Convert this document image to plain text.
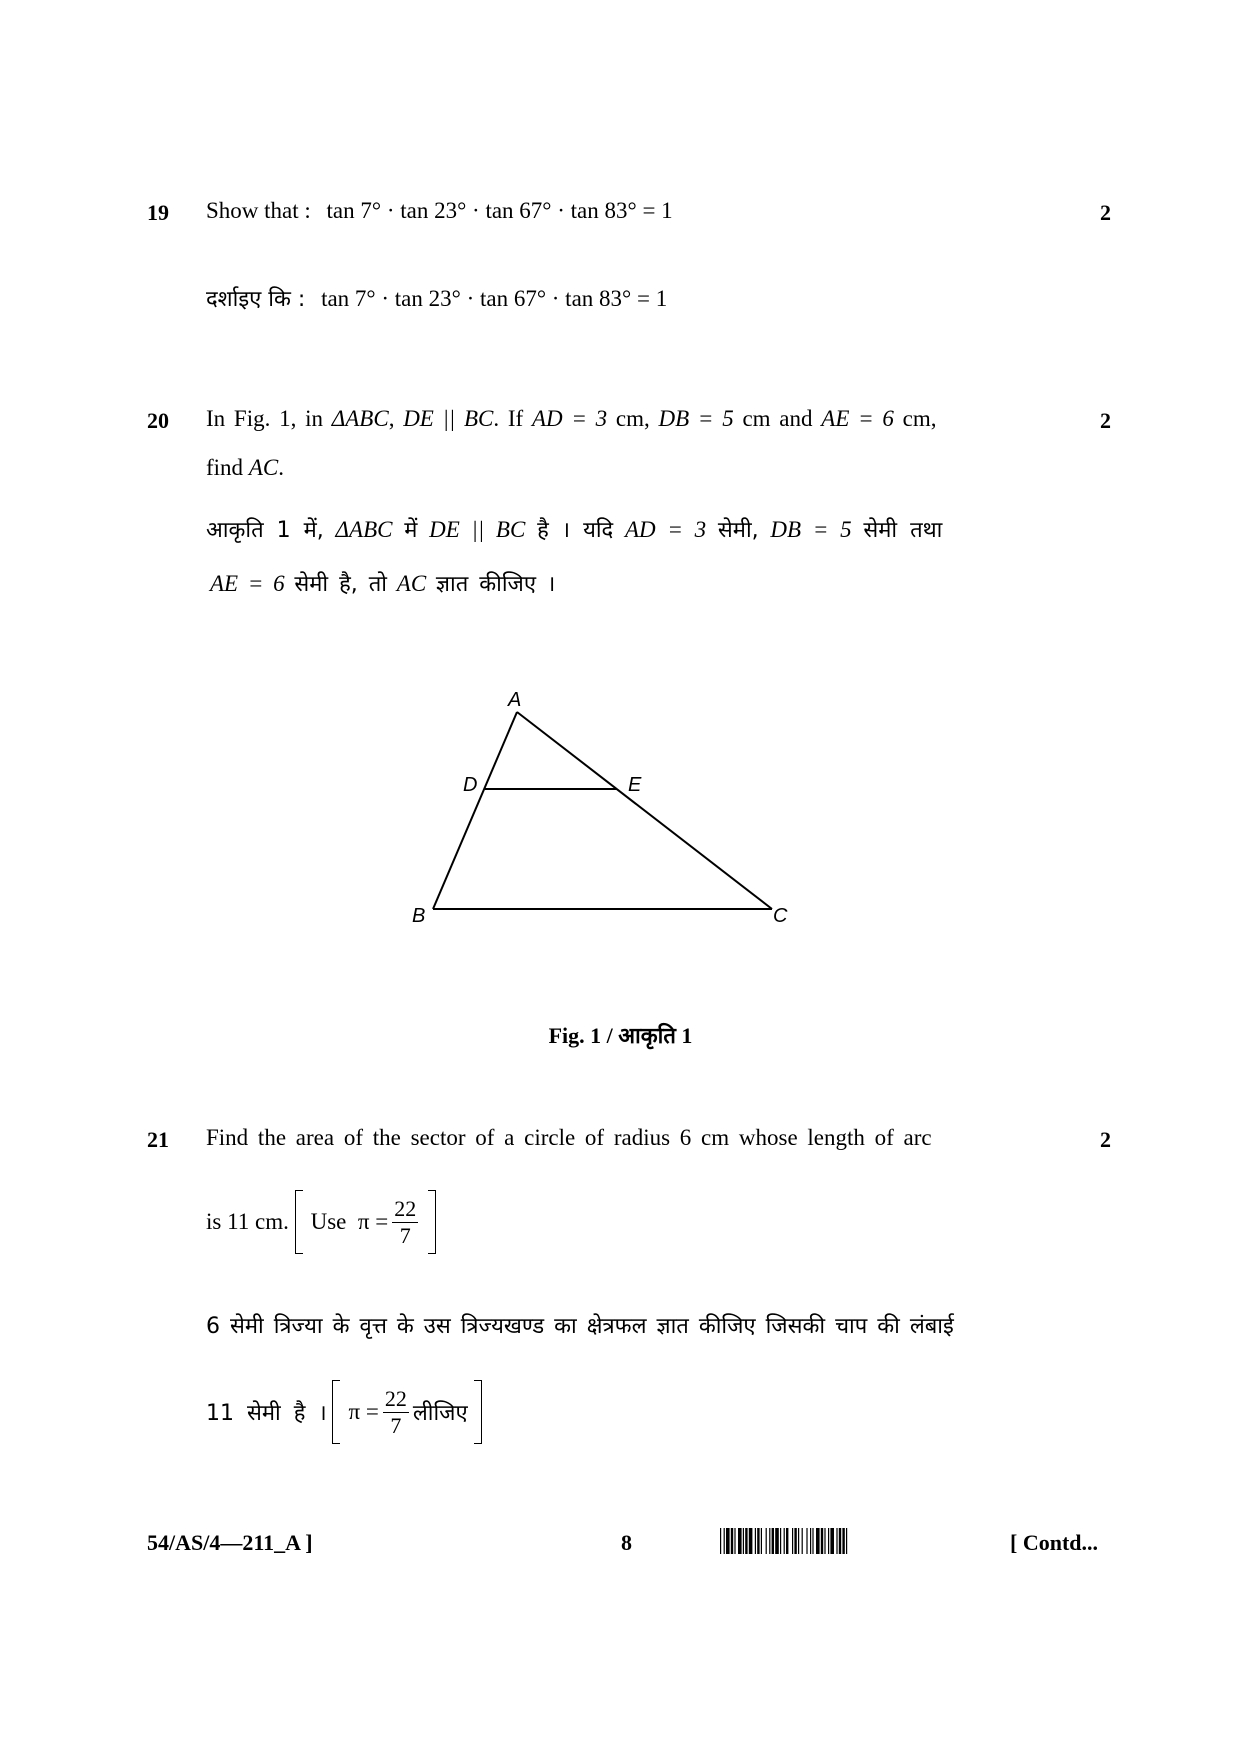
19 Show that : tan 7° · tan 23° · tan 67° · tan 83° = 1	2
दर्शाइए कि : tan 7° · tan 23° · tan 67° · tan 83° = 1
20 In Fig. 1, in ΔABC, DE || BC. If AD = 3 cm, DB = 5 cm and AE = 6 cm,	2
find AC.
आकृति 1 में, ΔABC में DE || BC है । यदि AD = 3 सेमी, DB = 5 सेमी तथा
AE = 6 सेमी है, तो AC ज्ञात कीजिए ।
A
D	E
B	C
Fig. 1 / आकृति 1
21 Find the area of the sector of a circle of radius 6 cm whose length of arc	2
is 11 cm. Use
$\pi = \frac{22}{7}$
6 सेमी त्रिज्या के वृत्त के उस त्रिज्यखण्ड का क्षेत्रफल ज्ञात कीजिए जिसकी चाप की लंबाई
11 सेमी है । $\pi = \frac{22}{7}$ लीजिए
54/AS/4—211_A ]	8	[ Contd...
